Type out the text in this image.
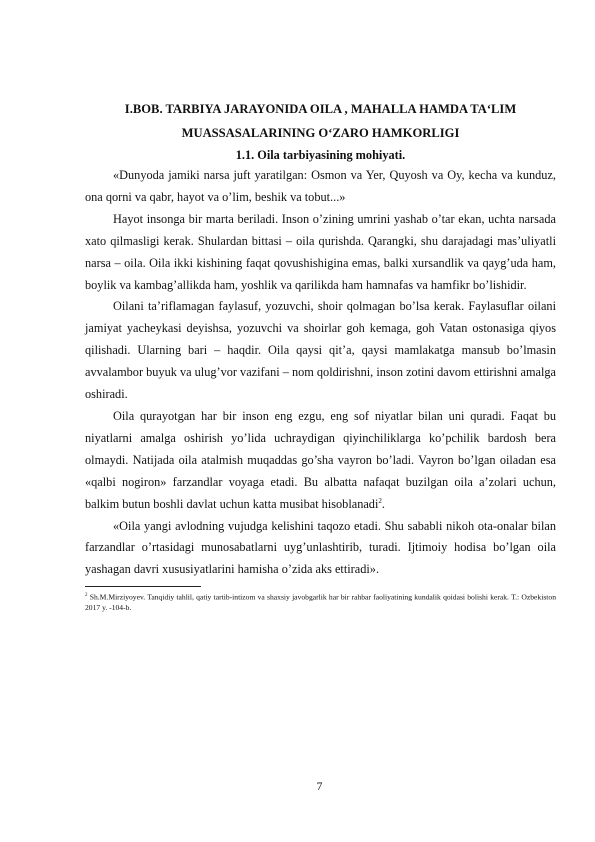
I.BOB. TARBIYA JARAYONIDA OILA , MAHALLA HAMDA TA‘LIM

MUASSASALARINING O‘ZARO HAMKORLIGI

1.1. Oila tarbiyasining mohiyati.

«Dunyoda jamiki narsa juft yaratilgan: Osmon va Yer, Quyosh va Oy, kecha va kunduz, ona qorni va qabr, hayot va o’lim, beshik va tobut...»

Hayot insonga bir marta beriladi. Inson o’zining umrini yashab o’tar ekan, uchta narsada xato qilmasligi kerak. Shulardan bittasi – oila qurishda. Qarangki, shu darajadagi mas’uliyatli narsa – oila. Oila ikki kishining faqat qovushishigina emas, balki xursandlik va qayg’uda ham, boylik va kambag’allikda ham, yoshlik va qarilikda ham hamnafas va hamfikr bo’lishidir.

Oilani ta’riflamagan faylasuf, yozuvchi, shoir qolmagan bo’lsa kerak. Faylasuflar oilani jamiyat yacheykasi deyishsa, yozuvchi va shoirlar goh kemaga, goh Vatan ostonasiga qiyos qilishadi. Ularning bari – haqdir. Oila qaysi qit’a, qaysi mamlakatga mansub bo’lmasin avvalambor buyuk va ulug’vor vazifani – nom qoldirishni, inson zotini davom ettirishni amalga oshiradi.

Oila qurayotgan har bir inson eng ezgu, eng sof niyatlar bilan uni quradi. Faqat bu niyatlarni amalga oshirish yo’lida uchraydigan qiyinchiliklarga ko’pchilik bardosh bera olmaydi. Natijada oila atalmish muqaddas go’sha vayron bo’ladi. Vayron bo’lgan oiladan esa «qalbi nogiron» farzandlar voyaga etadi. Bu albatta nafaqat buzilgan oila a’zolari uchun, balkim butun boshli davlat uchun katta musibat hisoblanadi$^2$.

«Oila yangi avlodning vujudga kelishini taqozo etadi. Shu sababli nikoh ota-onalar bilan farzandlar o’rtasidagi munosabatlarni uyg’unlashtirib, turadi. Ijtimoiy hodisa bo’lgan oila yashagan davri xususiyatlarini hamisha o’zida aks ettiradi».

$^2$ Sh.M.Mirziyoyev. Tanqidiy tahlil, qatiy tartib-intizom va shaxsiy javobgarlik har bir rahbar faoliyatining kundalik qoidasi bolishi kerak. T.: Ozbekiston 2017 y. -104-b.

7
